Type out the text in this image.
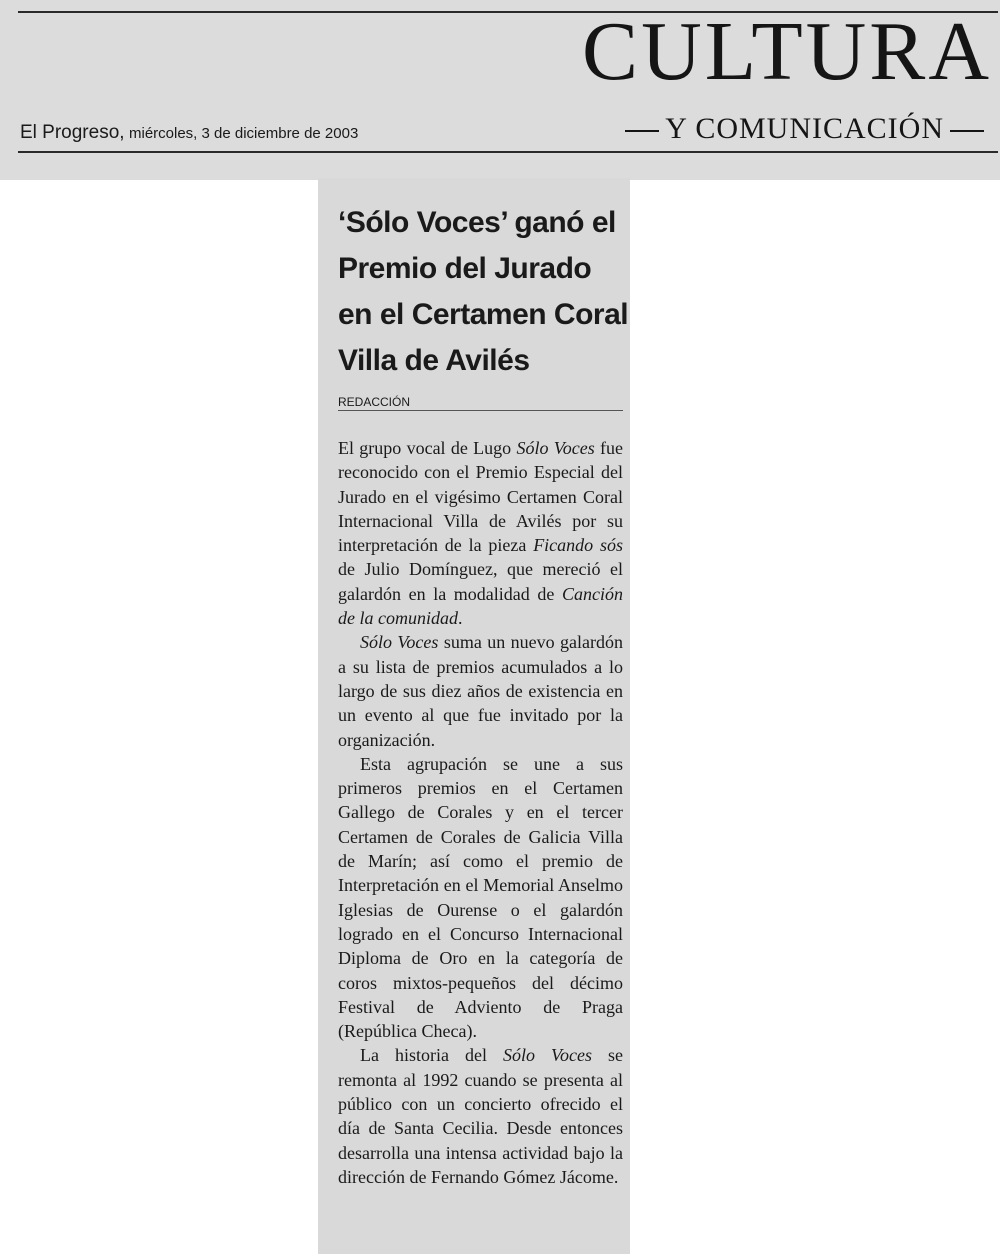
CULTURA
Y COMUNICACIÓN
El Progreso, miércoles, 3 de diciembre de 2003
‘Sólo Voces’ ganó el Premio del Jurado en el Certamen Coral Villa de Avilés
REDACCIÓN

El grupo vocal de Lugo Sólo Voces fue reconocido con el Premio Especial del Jurado en el vigésimo Certamen Coral Internacional Villa de Avilés por su interpretación de la pieza Ficando sós de Julio Domínguez, que mereció el galardón en la modalidad de Canción de la comunidad.

Sólo Voces suma un nuevo galardón a su lista de premios acumulados a lo largo de sus diez años de existencia en un evento al que fue invitado por la organización.

Esta agrupación se une a sus primeros premios en el Certamen Gallego de Corales y en el tercer Certamen de Corales de Galicia Villa de Marín; así como el premio de Interpretación en el Memorial Anselmo Iglesias de Ourense o el galardón logrado en el Concurso Internacional Diploma de Oro en la categoría de coros mixtos-pequeños del décimo Festival de Adviento de Praga (República Checa).

La historia del Sólo Voces se remonta al 1992 cuando se presenta al público con un concierto ofrecido el día de Santa Cecilia. Desde entonces desarrolla una intensa actividad bajo la dirección de Fernando Gómez Jácome.
